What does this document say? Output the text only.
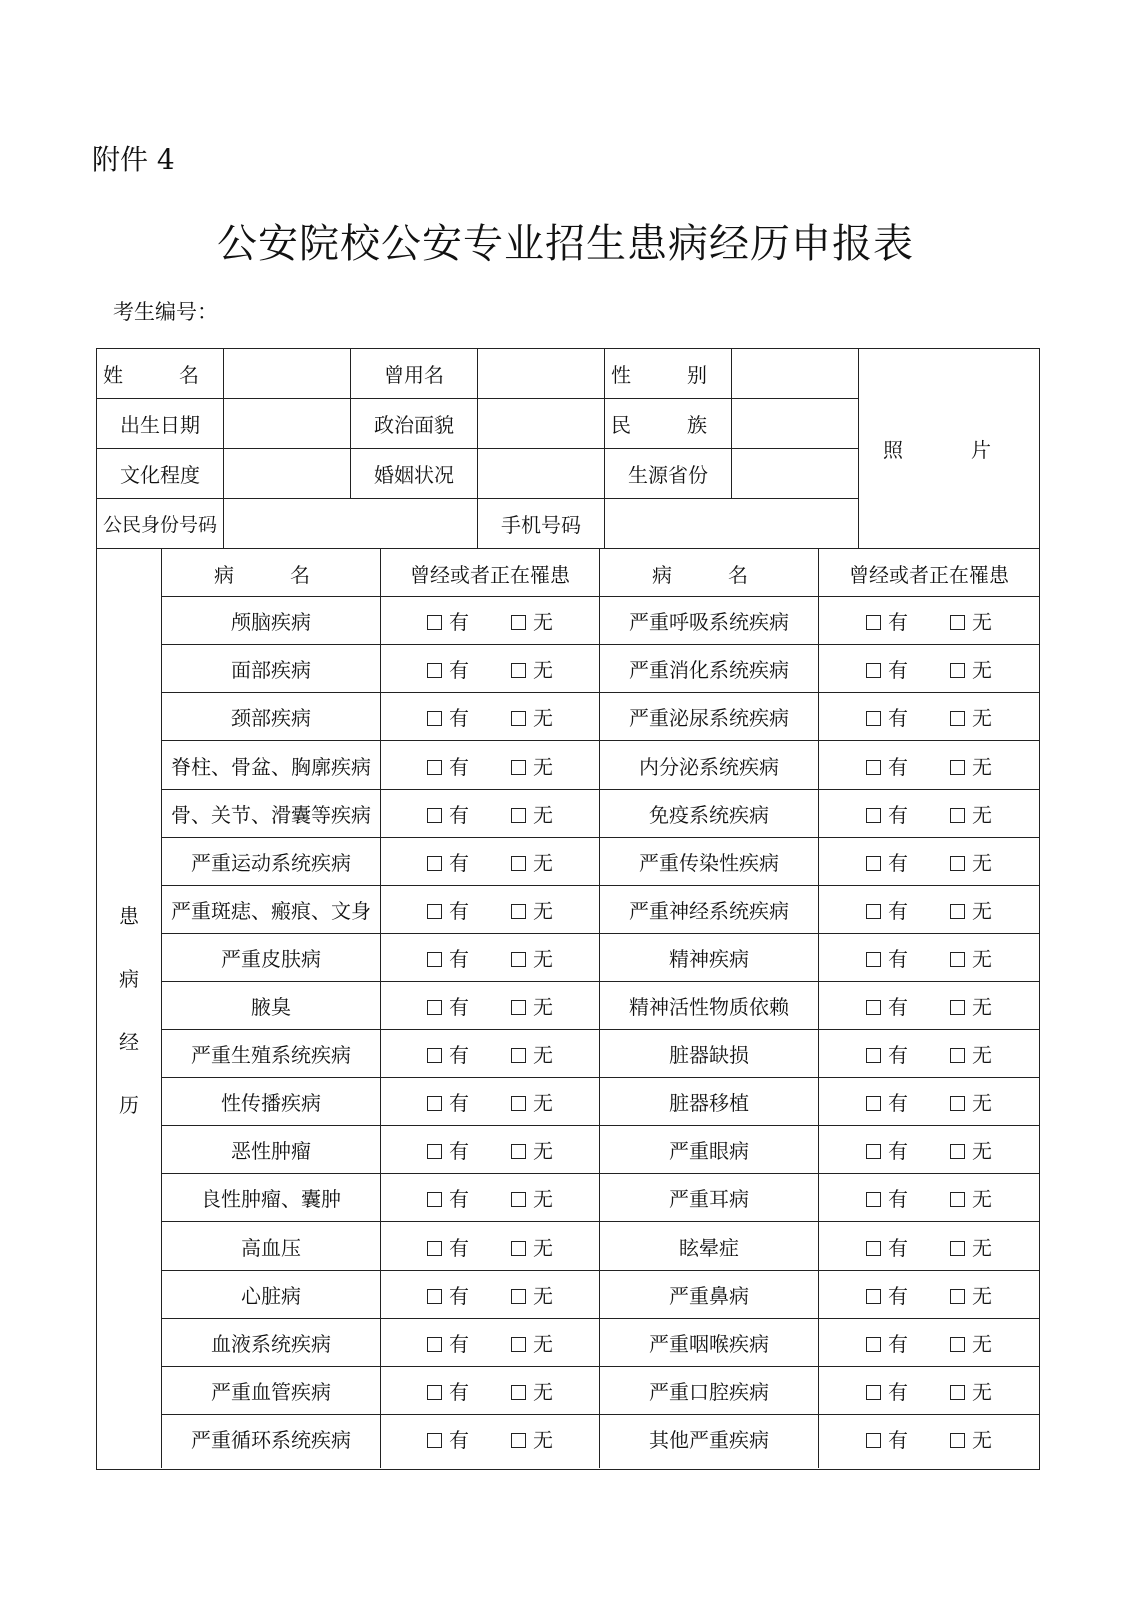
附件 4
公安院校公安专业招生患病经历申报表
考生编号：
姓　名	曾用名	性　别
出生日期	政治面貌	民　族
文化程度	婚姻状况	生源省份
公民身份号码	手机号码
照　片
患
病
经
历
病　名	曾经或者正在罹患	病　名	曾经或者正在罹患
颅脑疾病	有	无	严重呼吸系统疾病	有	无
面部疾病	有	无	严重消化系统疾病	有	无
颈部疾病	有	无	严重泌尿系统疾病	有	无
脊柱、骨盆、胸廓疾病	有	无	内分泌系统疾病	有	无
骨、关节、滑囊等疾病	有	无	免疫系统疾病	有	无
严重运动系统疾病	有	无	严重传染性疾病	有	无
严重斑痣、瘢痕、文身	有	无	严重神经系统疾病	有	无
严重皮肤病	有	无	精神疾病	有	无
腋臭	有	无	精神活性物质依赖	有	无
严重生殖系统疾病	有	无	脏器缺损	有	无
性传播疾病	有	无	脏器移植	有	无
恶性肿瘤	有	无	严重眼病	有	无
良性肿瘤、囊肿	有	无	严重耳病	有	无
高血压	有	无	眩晕症	有	无
心脏病	有	无	严重鼻病	有	无
血液系统疾病	有	无	严重咽喉疾病	有	无
严重血管疾病	有	无	严重口腔疾病	有	无
严重循环系统疾病	有	无	其他严重疾病	有	无
